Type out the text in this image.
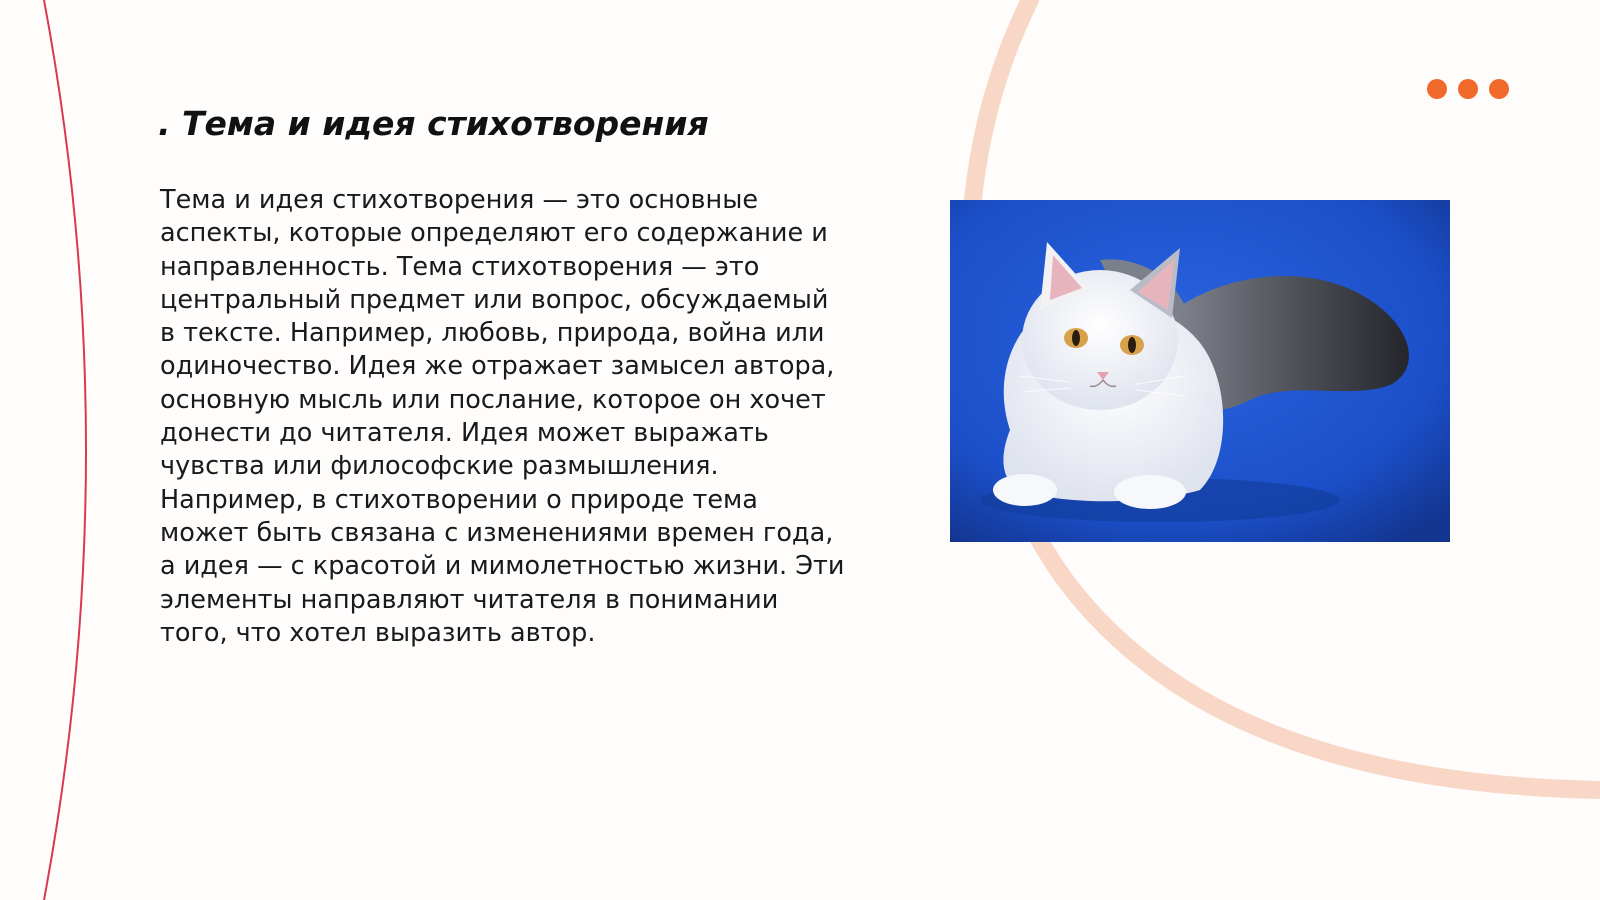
. Тема и идея стихотворения

Тема и идея стихотворения — это основные аспекты, которые определяют его содержание и направленность. Тема стихотворения — это центральный предмет или вопрос, обсуждаемый в тексте. Например, любовь, природа, война или одиночество. Идея же отражает замысел автора, основную мысль или послание, которое он хочет донести до читателя. Идея может выражать чувства или философские размышления. Например, в стихотворении о природе тема может быть связана с изменениями времен года, а идея — с красотой и мимолетностью жизни. Эти элементы направляют читателя в понимании того, что хотел выразить автор.
